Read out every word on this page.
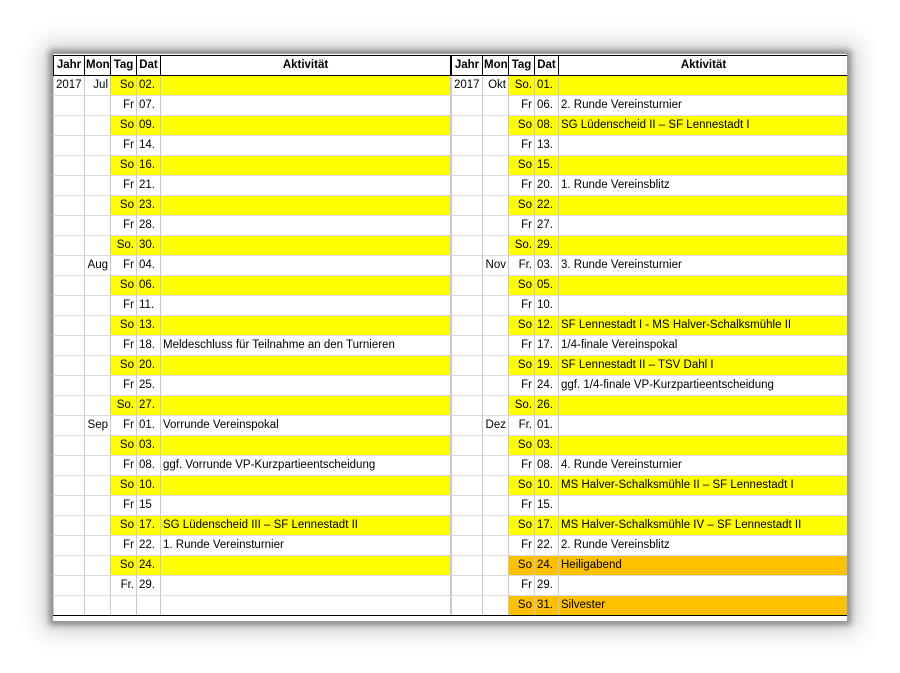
Jahr	Mon	Tag	Dat	Aktivität
2017	Jul	So	02.	
		Fr	07.	
		So	09.	
		Fr	14.	
		So	16.	
		Fr	21.	
		So	23.	
		Fr	28.	
		So.	30.	
	Aug	Fr	04.	
		So	06.	
		Fr	11.	
		So	13.	
		Fr	18.	Meldeschluss für Teilnahme an den Turnieren
		So	20.	
		Fr	25.	
		So.	27.	
	Sep	Fr	01.	Vorrunde Vereinspokal
		So	03.	
		Fr	08.	ggf. Vorrunde VP-Kurzpartieentscheidung
		So	10.	
		Fr	15	
		So	17.	SG Lüdenscheid III – SF Lennestadt II
		Fr	22.	1. Runde Vereinsturnier
		So	24.	
		Fr.	29.	

Jahr	Mon	Tag	Dat	Aktivität
2017	Okt	So.	01.	
		Fr	06.	2. Runde Vereinsturnier
		So	08.	SG Lüdenscheid II – SF Lennestadt I
		Fr	13.	
		So	15.	
		Fr	20.	1. Runde Vereinsblitz
		So	22.	
		Fr	27.	
		So.	29.	
	Nov	Fr.	03.	3. Runde Vereinsturnier
		So	05.	
		Fr	10.	
		So	12.	SF Lennestadt I - MS Halver-Schalksmühle II
		Fr	17.	1/4-finale Vereinspokal
		So	19.	SF Lennestadt II – TSV Dahl I
		Fr	24.	ggf. 1/4-finale VP-Kurzpartieentscheidung
		So.	26.	
	Dez	Fr.	01.	
		So	03.	
		Fr	08.	4. Runde Vereinsturnier
		So	10.	MS Halver-Schalksmühle II – SF Lennestadt I
		Fr	15.	
		So	17.	MS Halver-Schalksmühle IV – SF Lennestadt II
		Fr	22.	2. Runde Vereinsblitz
		So	24.	Heiligabend
		Fr	29.	
		So	31.	Silvester
